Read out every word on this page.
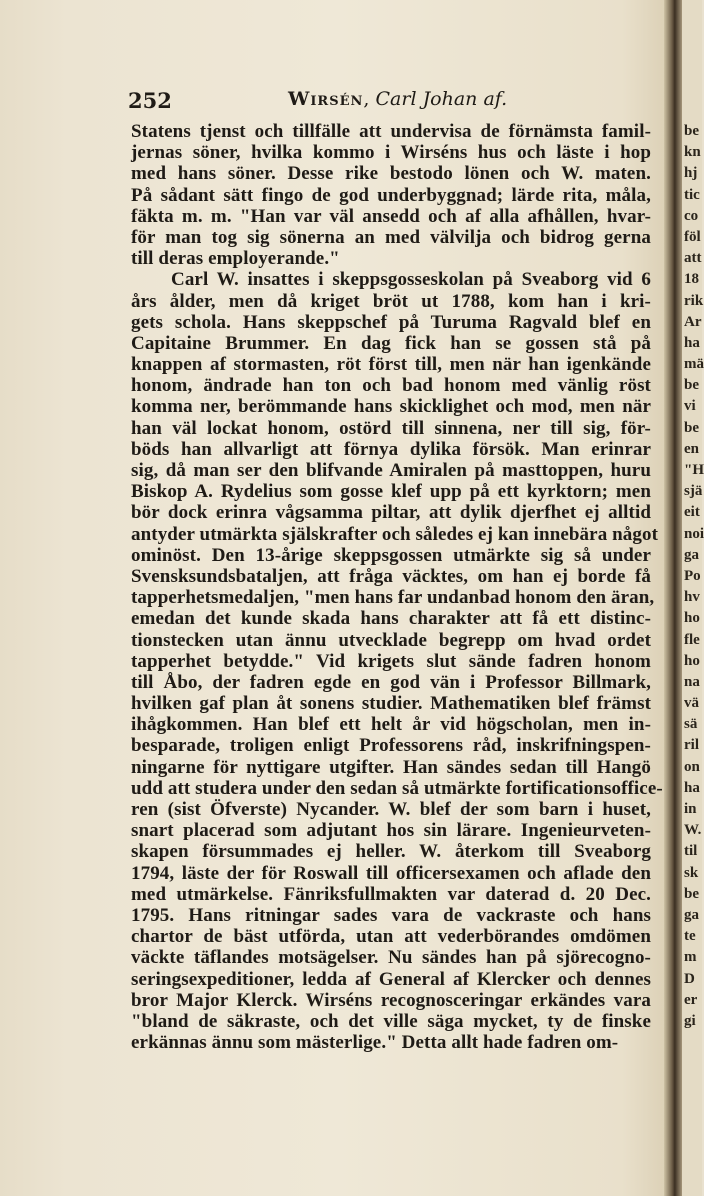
252	Wirsén, Carl Johan af.
Statens tjenst och tillfälle att undervisa de förnämsta famil-
jernas söner, hvilka kommo i Wirséns hus och läste i hop
med hans söner. Desse rike bestodo lönen och W. maten.
På sådant sätt fingo de god underbyggnad; lärde rita, måla,
fäkta m. m. "Han var väl ansedd och af alla afhållen, hvar-
för man tog sig sönerna an med välvilja och bidrog gerna
till deras employerande."
Carl W. insattes i skeppsgosseskolan på Sveaborg vid 6
års ålder, men då kriget bröt ut 1788, kom han i kri-
gets schola. Hans skeppschef på Turuma Ragvald blef en
Capitaine Brummer. En dag fick han se gossen stå på
knappen af stormasten, röt först till, men när han igenkände
honom, ändrade han ton och bad honom med vänlig röst
komma ner, berömmande hans skicklighet och mod, men när
han väl lockat honom, ostörd till sinnena, ner till sig, för-
böds han allvarligt att förnya dylika försök. Man erinrar
sig, då man ser den blifvande Amiralen på masttoppen, huru
Biskop A. Rydelius som gosse klef upp på ett kyrktorn; men
bör dock erinra vågsamma piltar, att dylik djerfhet ej alltid
antyder utmärkta själskrafter och således ej kan innebära något
ominöst. Den 13-årige skeppsgossen utmärkte sig så under
Svensksundsbataljen, att fråga väcktes, om han ej borde få
tapperhetsmedaljen, "men hans far undanbad honom den äran,
emedan det kunde skada hans charakter att få ett distinc-
tionstecken utan ännu utvecklade begrepp om hvad ordet
tapperhet betydde." Vid krigets slut sände fadren honom
till Åbo, der fadren egde en god vän i Professor Billmark,
hvilken gaf plan åt sonens studier. Mathematiken blef främst
ihågkommen. Han blef ett helt år vid högscholan, men in-
besparade, troligen enligt Professorens råd, inskrifningspen-
ningarne för nyttigare utgifter. Han sändes sedan till Hangö
udd att studera under den sedan så utmärkte fortificationsoffice-
ren (sist Öfverste) Nycander. W. blef der som barn i huset,
snart placerad som adjutant hos sin lärare. Ingenieurveten-
skapen försummades ej heller. W. återkom till Sveaborg
1794, läste der för Roswall till officersexamen och aflade den
med utmärkelse. Fänriksfullmakten var daterad d. 20 Dec.
1795. Hans ritningar sades vara de vackraste och hans
chartor de bäst utförda, utan att vederbörandes omdömen
väckte täflandes motsägelser. Nu sändes han på sjörecogno-
seringsexpeditioner, ledda af General af Klercker och dennes
bror Major Klerck. Wirséns recognosceringar erkändes vara
"bland de säkraste, och det ville säga mycket, ty de finske
erkännas ännu som mästerlige." Detta allt hade fadren om-
be
kn
hj
tic
co
föl
att
18
rik
Ar
ha
mä
be
vi
be
en
"H
sjä
eit
noi
ga
Po
hv
ho
fle
ho
na
vä
sä
ril
on
ha
in
W.
til
sk
be
ga
te
m
D
er
gi
